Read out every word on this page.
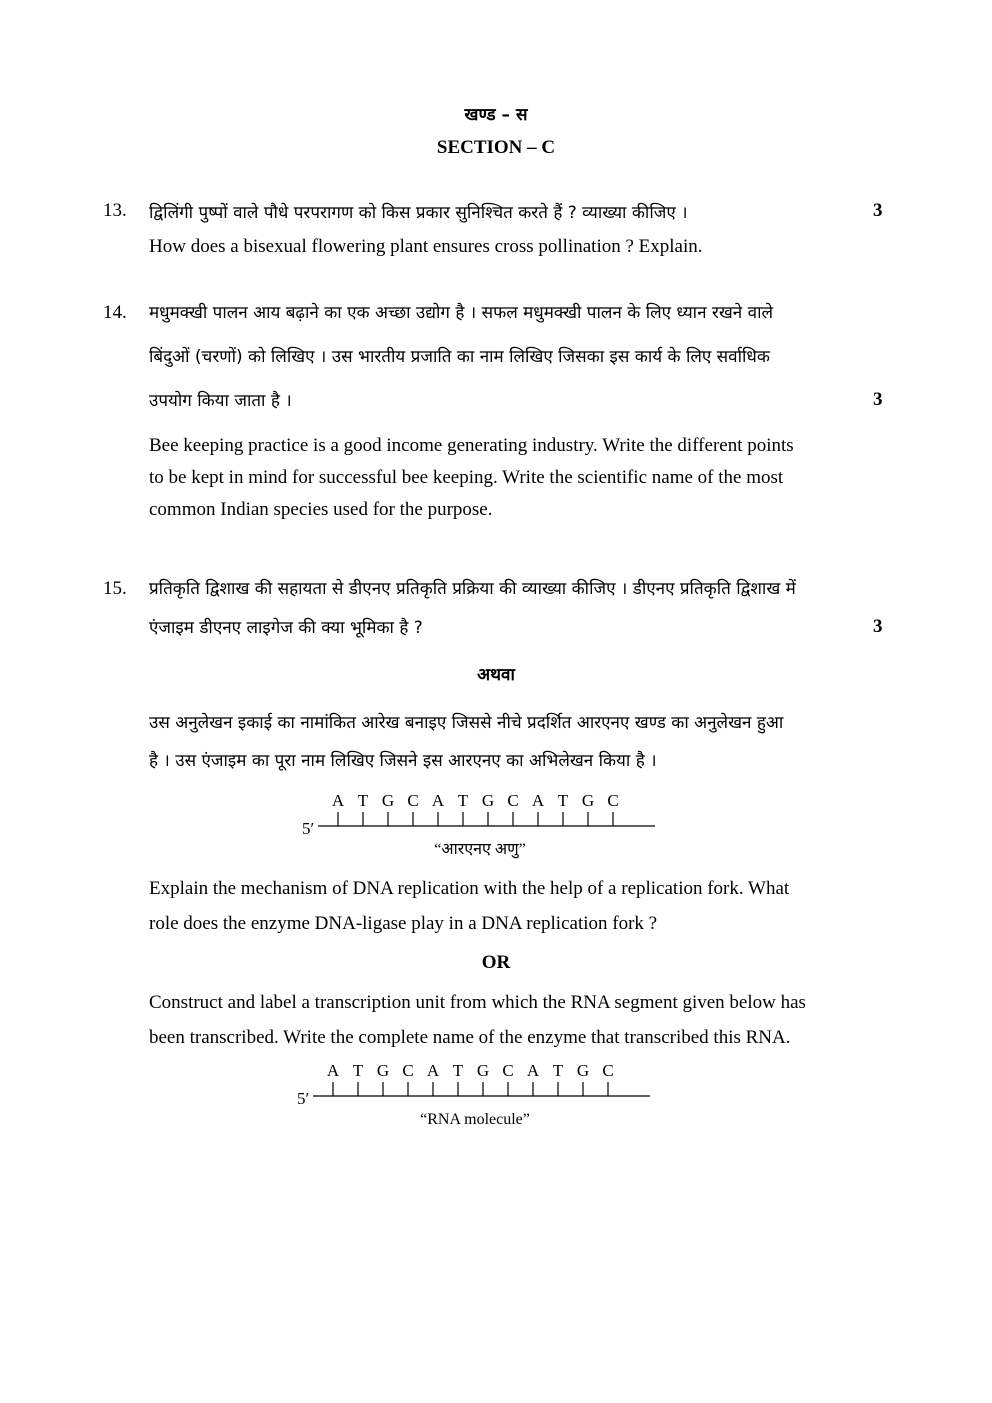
खण्ड – स
SECTION – C
13. द्विलिंगी पुष्पों वाले पौधे परपरागण को किस प्रकार सुनिश्चित करते हैं ? व्याख्या कीजिए ।	3
How does a bisexual flowering plant ensures cross pollination ? Explain.
14. मधुमक्खी पालन आय बढ़ाने का एक अच्छा उद्योग है । सफल मधुमक्खी पालन के लिए ध्यान रखने वाले
बिंदुओं (चरणों) को लिखिए । उस भारतीय प्रजाति का नाम लिखिए जिसका इस कार्य के लिए सर्वाधिक
उपयोग किया जाता है ।	3
Bee keeping practice is a good income generating industry. Write the different points
to be kept in mind for successful bee keeping. Write the scientific name of the most
common Indian species used for the purpose.
15. प्रतिकृति द्विशाख की सहायता से डीएनए प्रतिकृति प्रक्रिया की व्याख्या कीजिए । डीएनए प्रतिकृति द्विशाख में
एंजाइम डीएनए लाइगेज की क्या भूमिका है ?	3
अथवा
उस अनुलेखन इकाई का नामांकित आरेख बनाइए जिससे नीचे प्रदर्शित आरएनए खण्ड का अनुलेखन हुआ
है । उस एंजाइम का पूरा नाम लिखिए जिसने इस आरएनए का अभिलेखन किया है ।
5′
A T G C A T G C A T G C
“आरएनए अणु”
Explain the mechanism of DNA replication with the help of a replication fork. What
role does the enzyme DNA-ligase play in a DNA replication fork ?
OR
Construct and label a transcription unit from which the RNA segment given below has
been transcribed. Write the complete name of the enzyme that transcribed this RNA.
5′
A T G C A T G C A T G C
“RNA molecule”
